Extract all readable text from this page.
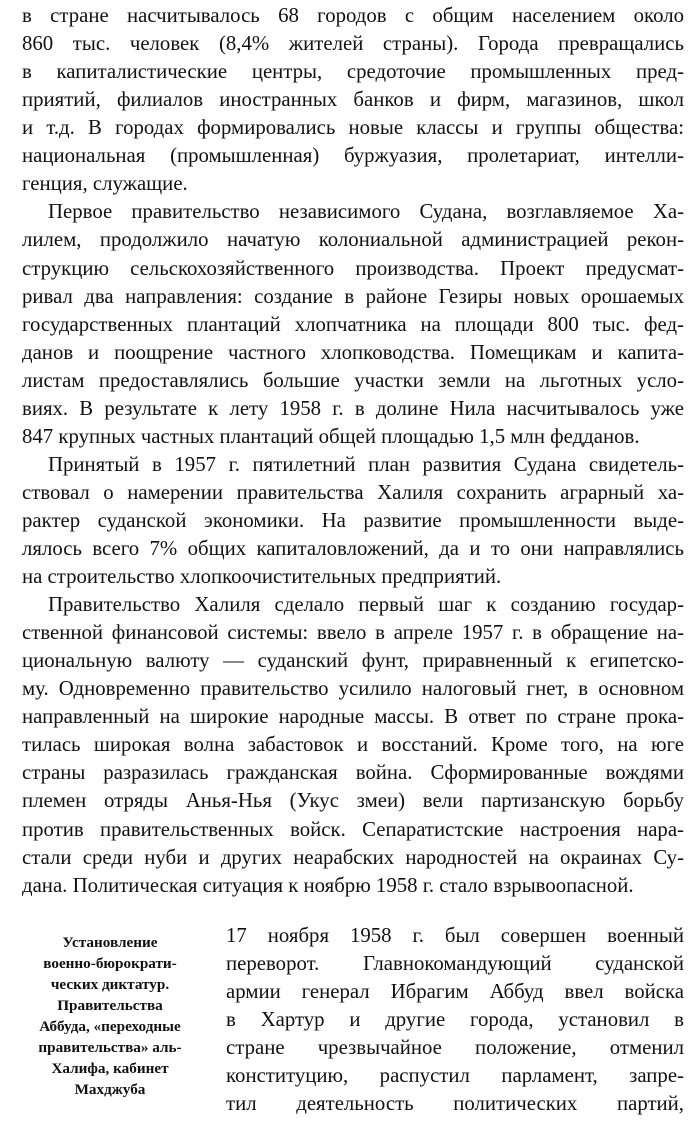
в стране насчитывалось 68 городов с общим населением около
860 тыс. человек (8,4% жителей страны). Города превращались
в капиталистические центры, средоточие промышленных пред-
приятий, филиалов иностранных банков и фирм, магазинов, школ
и т.д. В городах формировались новые классы и группы общества:
национальная (промышленная) буржуазия, пролетариат, интелли-
генция, служащие.
Первое правительство независимого Судана, возглавляемое Ха-
лилем, продолжило начатую колониальной администрацией рекон-
струкцию сельскохозяйственного производства. Проект предусмат-
ривал два направления: создание в районе Гезиры новых орошаемых
государственных плантаций хлопчатника на площади 800 тыс. фед-
данов и поощрение частного хлопководства. Помещикам и капита-
листам предоставлялись большие участки земли на льготных усло-
виях. В результате к лету 1958 г. в долине Нила насчитывалось уже
847 крупных частных плантаций общей площадью 1,5 млн федданов.
Принятый в 1957 г. пятилетний план развития Судана свидетель-
ствовал о намерении правительства Халиля сохранить аграрный ха-
рактер суданской экономики. На развитие промышленности выде-
лялось всего 7% общих капиталовложений, да и то они направлялись
на строительство хлопкоочистительных предприятий.
Правительство Халиля сделало первый шаг к созданию государ-
ственной финансовой системы: ввело в апреле 1957 г. в обращение на-
циональную валюту — суданский фунт, приравненный к египетско-
му. Одновременно правительство усилило налоговый гнет, в основном
направленный на широкие народные массы. В ответ по стране прока-
тилась широкая волна забастовок и восстаний. Кроме того, на юге
страны разразилась гражданская война. Сформированные вождями
племен отряды Анья-Нья (Укус змеи) вели партизанскую борьбу
против правительственных войск. Сепаратистские настроения нара-
стали среди нуби и других неарабских народностей на окраинах Су-
дана. Политическая ситуация к ноябрю 1958 г. стало взрывоопасной.
Установление
военно-бюрократи-
ческих диктатур.
Правительства
Аббуда, «переходные
правительства» аль-
Халифа, кабинет
Махджуба
17 ноября 1958 г. был совершен военный
переворот. Главнокомандующий суданской
армии генерал Ибрагим Аббуд ввел войска
в Хартур и другие города, установил в
стране чрезвычайное положение, отменил
конституцию, распустил парламент, запре-
тил деятельность политических партий,
